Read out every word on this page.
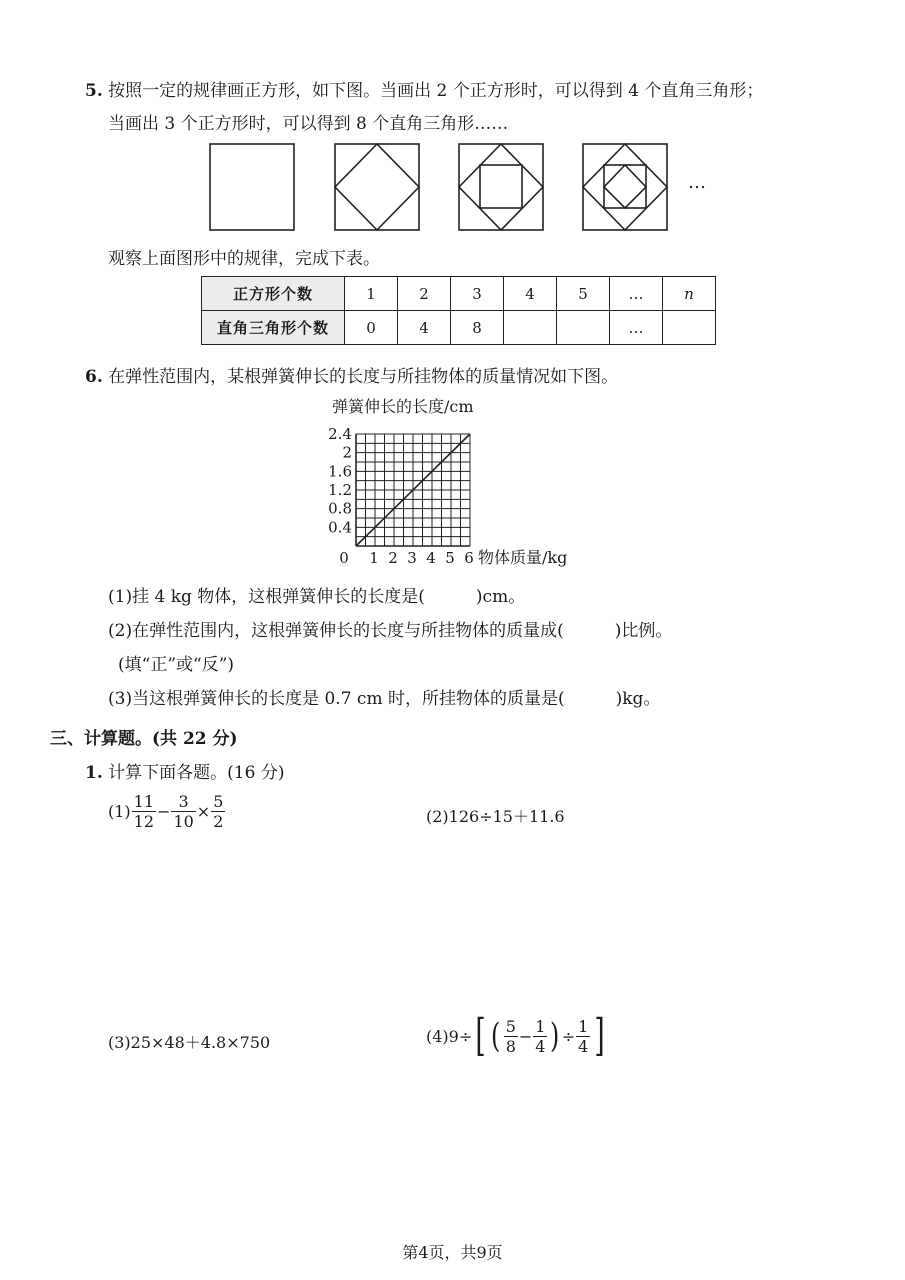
5. 按照一定的规律画正方形，如下图。当画出 2 个正方形时，可以得到 4 个直角三角形；
当画出 3 个正方形时，可以得到 8 个直角三角形……
…
观察上面图形中的规律，完成下表。
正方形个数	1	2	3	4	5	…	n
直角三角形个数	0	4	8			…	
6. 在弹性范围内，某根弹簧伸长的长度与所挂物体的质量情况如下图。
弹簧伸长的长度/cm
0.4
0.8
1.2
1.6
2
2.4
1 2 3 4 5 6
0	物体质量/kg
(1)挂 4 kg 物体，这根弹簧伸长的长度是(　　　)cm。
(2)在弹性范围内，这根弹簧伸长的长度与所挂物体的质量成(　　　)比例。
(填“正”或“反”)
(3)当这根弹簧伸长的长度是 0.7 cm 时，所挂物体的质量是(　　　)kg。
三、计算题。(共 22 分)
1. 计算下面各题。(16 分)
$(1) \frac{11}{12} - \frac{3}{10} \times \frac{5}{2}$	(2)126÷15＋11.6
(3)25×48＋4.8×750	(4)9÷ [ ( $\frac{5}{8} - \frac{1}{4}$ ) ÷ $\frac{1}{4}$ ]
第4页，共9页
